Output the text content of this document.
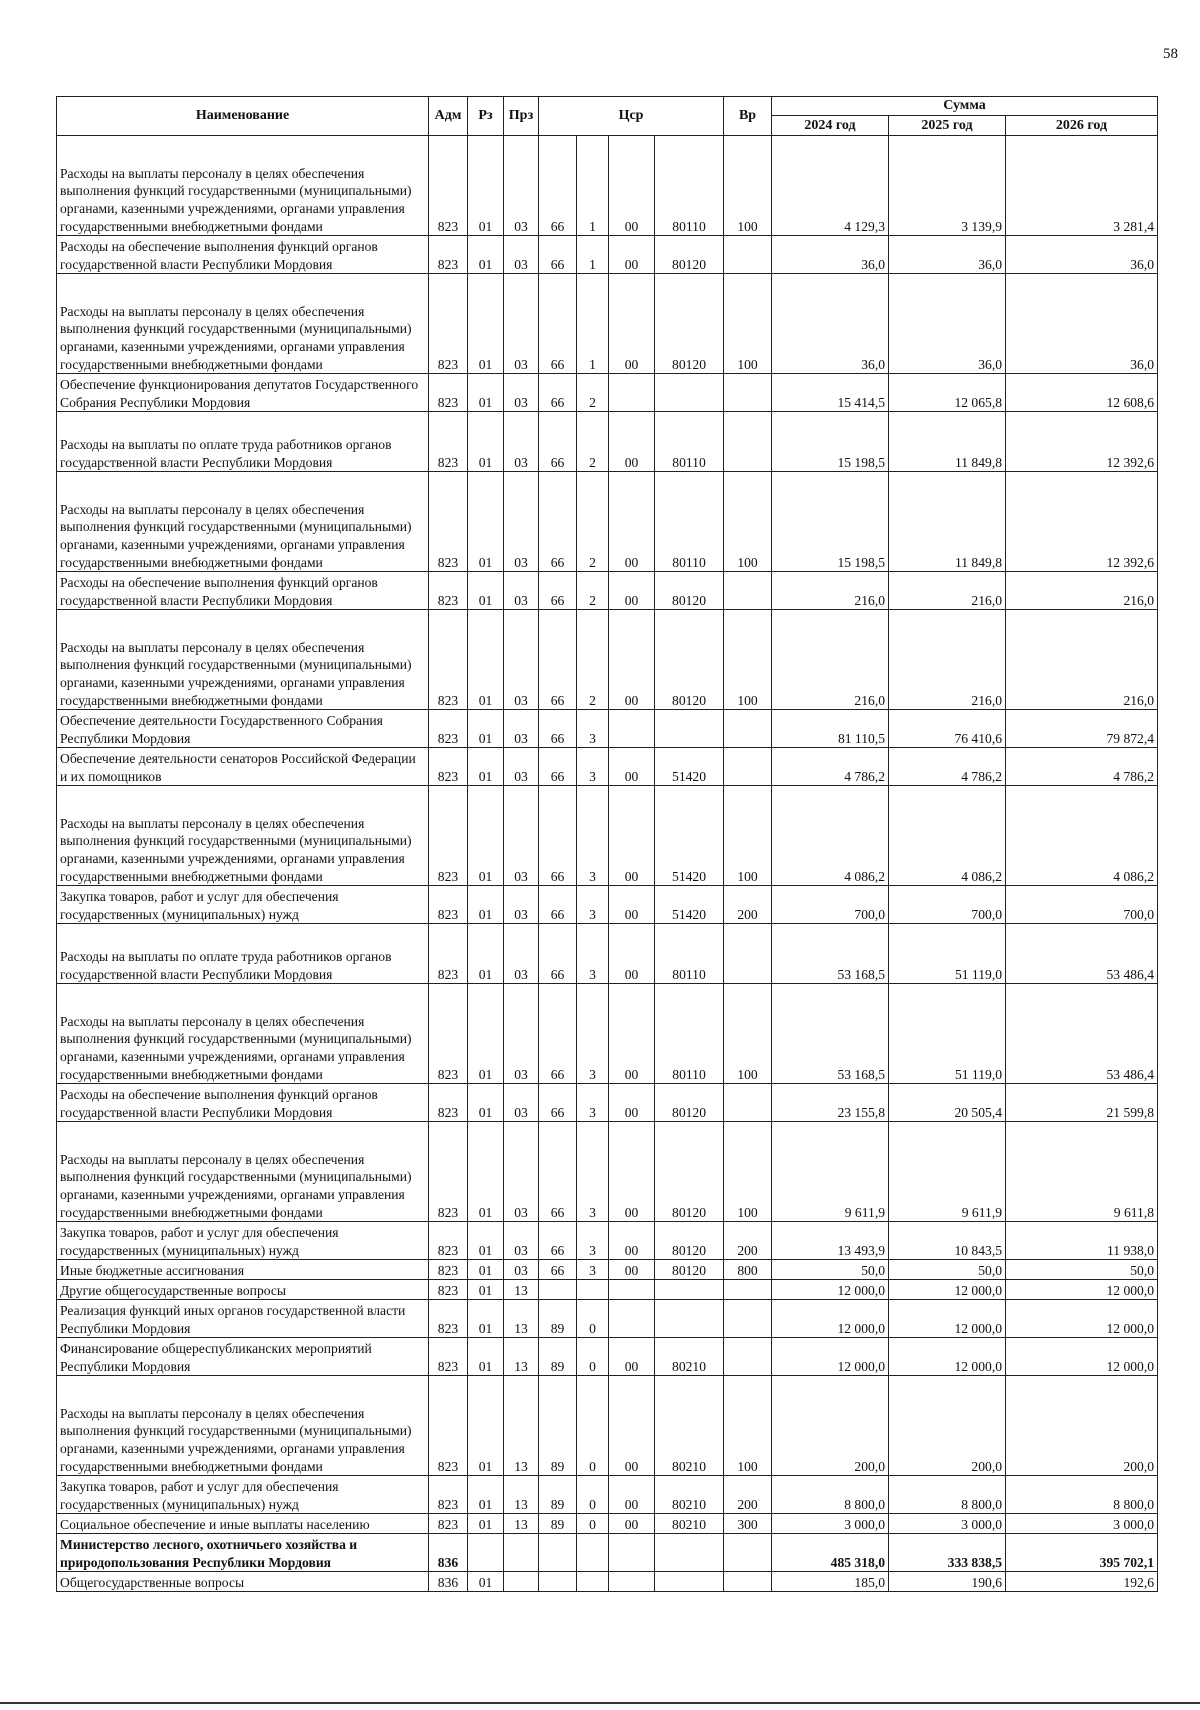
58
Наименование	Адм	Рз	Прз	Цср				Вр	Сумма		
									2024 год	2025 год	2026 год
Расходы на выплаты персоналу в целях обеспечения выполнения функций государственными (муниципальными) органами, казенными учреждениями, органами управления государственными внебюджетными фондами	823	01	03	66	1	00	80110	100	4 129,3	3 139,9	3 281,4
Расходы на обеспечение выполнения функций органов государственной власти Республики Мордовия	823	01	03	66	1	00	80120		36,0	36,0	36,0
Расходы на выплаты персоналу в целях обеспечения выполнения функций государственными (муниципальными) органами, казенными учреждениями, органами управления государственными внебюджетными фондами	823	01	03	66	1	00	80120	100	36,0	36,0	36,0
Обеспечение функционирования депутатов Государственного Собрания Республики Мордовия	823	01	03	66	2				15 414,5	12 065,8	12 608,6
Расходы на выплаты по оплате труда работников органов государственной власти Республики Мордовия	823	01	03	66	2	00	80110		15 198,5	11 849,8	12 392,6
Расходы на выплаты персоналу в целях обеспечения выполнения функций государственными (муниципальными) органами, казенными учреждениями, органами управления государственными внебюджетными фондами	823	01	03	66	2	00	80110	100	15 198,5	11 849,8	12 392,6
Расходы на обеспечение выполнения функций органов государственной власти Республики Мордовия	823	01	03	66	2	00	80120		216,0	216,0	216,0
Расходы на выплаты персоналу в целях обеспечения выполнения функций государственными (муниципальными) органами, казенными учреждениями, органами управления государственными внебюджетными фондами	823	01	03	66	2	00	80120	100	216,0	216,0	216,0
Обеспечение деятельности Государственного Собрания Республики Мордовия	823	01	03	66	3				81 110,5	76 410,6	79 872,4
Обеспечение деятельности сенаторов Российской Федерации и их помощников	823	01	03	66	3	00	51420		4 786,2	4 786,2	4 786,2
Расходы на выплаты персоналу в целях обеспечения выполнения функций государственными (муниципальными) органами, казенными учреждениями, органами управления государственными внебюджетными фондами	823	01	03	66	3	00	51420	100	4 086,2	4 086,2	4 086,2
Закупка товаров, работ и услуг для обеспечения государственных (муниципальных) нужд	823	01	03	66	3	00	51420	200	700,0	700,0	700,0
Расходы на выплаты по оплате труда работников органов государственной власти Республики Мордовия	823	01	03	66	3	00	80110		53 168,5	51 119,0	53 486,4
Расходы на выплаты персоналу в целях обеспечения выполнения функций государственными (муниципальными) органами, казенными учреждениями, органами управления государственными внебюджетными фондами	823	01	03	66	3	00	80110	100	53 168,5	51 119,0	53 486,4
Расходы на обеспечение выполнения функций органов государственной власти Республики Мордовия	823	01	03	66	3	00	80120		23 155,8	20 505,4	21 599,8
Расходы на выплаты персоналу в целях обеспечения выполнения функций государственными (муниципальными) органами, казенными учреждениями, органами управления государственными внебюджетными фондами	823	01	03	66	3	00	80120	100	9 611,9	9 611,9	9 611,8
Закупка товаров, работ и услуг для обеспечения государственных (муниципальных) нужд	823	01	03	66	3	00	80120	200	13 493,9	10 843,5	11 938,0
Иные бюджетные ассигнования	823	01	03	66	3	00	80120	800	50,0	50,0	50,0
Другие общегосударственные вопросы	823	01	13						12 000,0	12 000,0	12 000,0
Реализация функций иных органов государственной власти Республики Мордовия	823	01	13	89	0				12 000,0	12 000,0	12 000,0
Финансирование общереспубликанских мероприятий Республики Мордовия	823	01	13	89	0	00	80210		12 000,0	12 000,0	12 000,0
Расходы на выплаты персоналу в целях обеспечения выполнения функций государственными (муниципальными) органами, казенными учреждениями, органами управления государственными внебюджетными фондами	823	01	13	89	0	00	80210	100	200,0	200,0	200,0
Закупка товаров, работ и услуг для обеспечения государственных (муниципальных) нужд	823	01	13	89	0	00	80210	200	8 800,0	8 800,0	8 800,0
Социальное обеспечение и иные выплаты населению	823	01	13	89	0	00	80210	300	3 000,0	3 000,0	3 000,0
Министерство лесного, охотничьего хозяйства и природопользования Республики Мордовия	836								485 318,0	333 838,5	395 702,1
Общегосударственные вопросы	836	01							185,0	190,6	192,6
